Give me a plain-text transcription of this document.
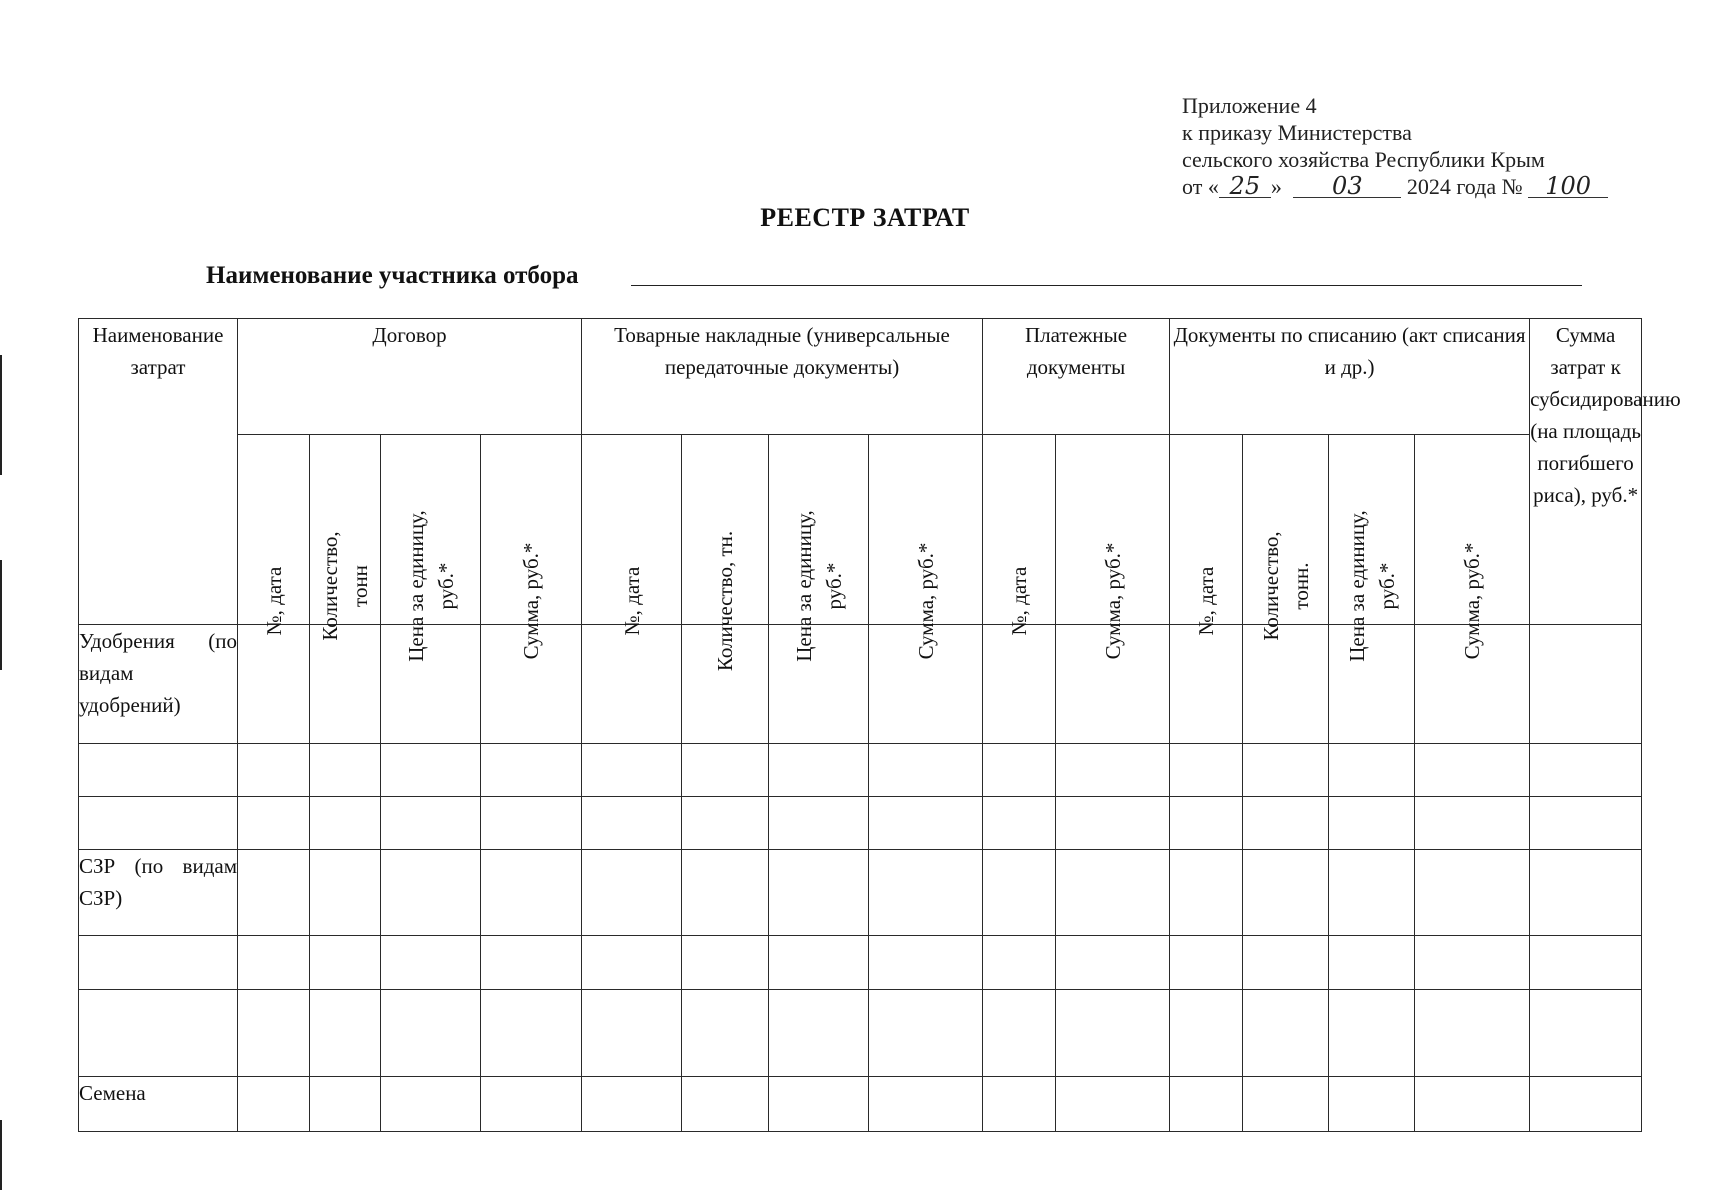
Приложение 4
к приказу Министерства
сельского хозяйства Республики Крым
от « 25 » 03 2024 года № 100
РЕЕСТР ЗАТРАТ
Наименование участника отбора
Наименование затрат	Договор				Товарные накладные (универсальные передаточные документы)				Платежные документы		Документы по списанию (акт списания и др.)				Сумма затрат к субсидированию (на площадь погибшего риса), руб.*

	№, дата	Количество, тонн	Цена за единицу, руб.*	Сумма, руб.*	№, дата	Количество, тн.	Цена за единицу, руб.*	Сумма, руб.*	№, дата	Сумма, руб.*	№, дата	Количество, тонн.	Цена за единицу, руб.*	Сумма, руб.*	

Удобрения (по видам удобрений)															

СЗР (по видам СЗР)															

Семена															
